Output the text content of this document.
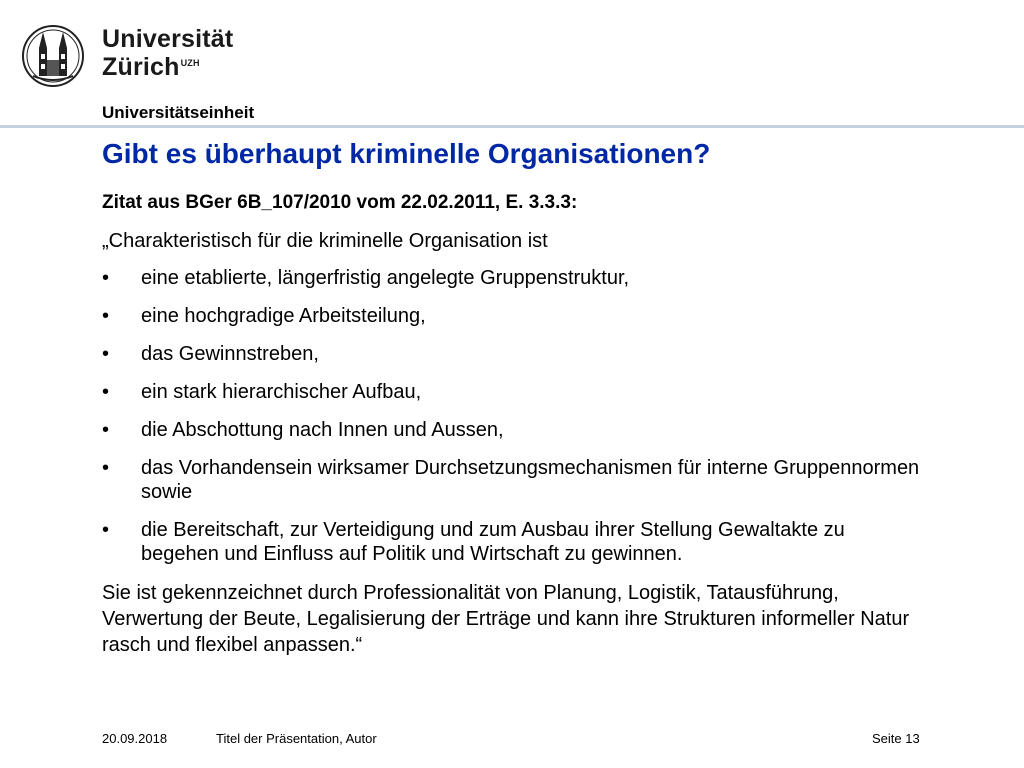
Universität
Zürich$^{UZH}$
Universitätseinheit
Gibt es überhaupt kriminelle Organisationen?
Zitat aus BGer 6B_107/2010 vom 22.02.2011, E. 3.3.3:
„Charakteristisch für die kriminelle Organisation ist
• eine etablierte, längerfristig angelegte Gruppenstruktur,
• eine hochgradige Arbeitsteilung,
• das Gewinnstreben,
• ein stark hierarchischer Aufbau,
• die Abschottung nach Innen und Aussen,
• das Vorhandensein wirksamer Durchsetzungsmechanismen für interne Gruppennormen sowie
• die Bereitschaft, zur Verteidigung und zum Ausbau ihrer Stellung Gewaltakte zu begehen und Einfluss auf Politik und Wirtschaft zu gewinnen.
Sie ist gekennzeichnet durch Professionalität von Planung, Logistik, Tatausführung, Verwertung der Beute, Legalisierung der Erträge und kann ihre Strukturen informeller Natur rasch und flexibel anpassen.“
20.09.2018	Titel der Präsentation, Autor	Seite 13
